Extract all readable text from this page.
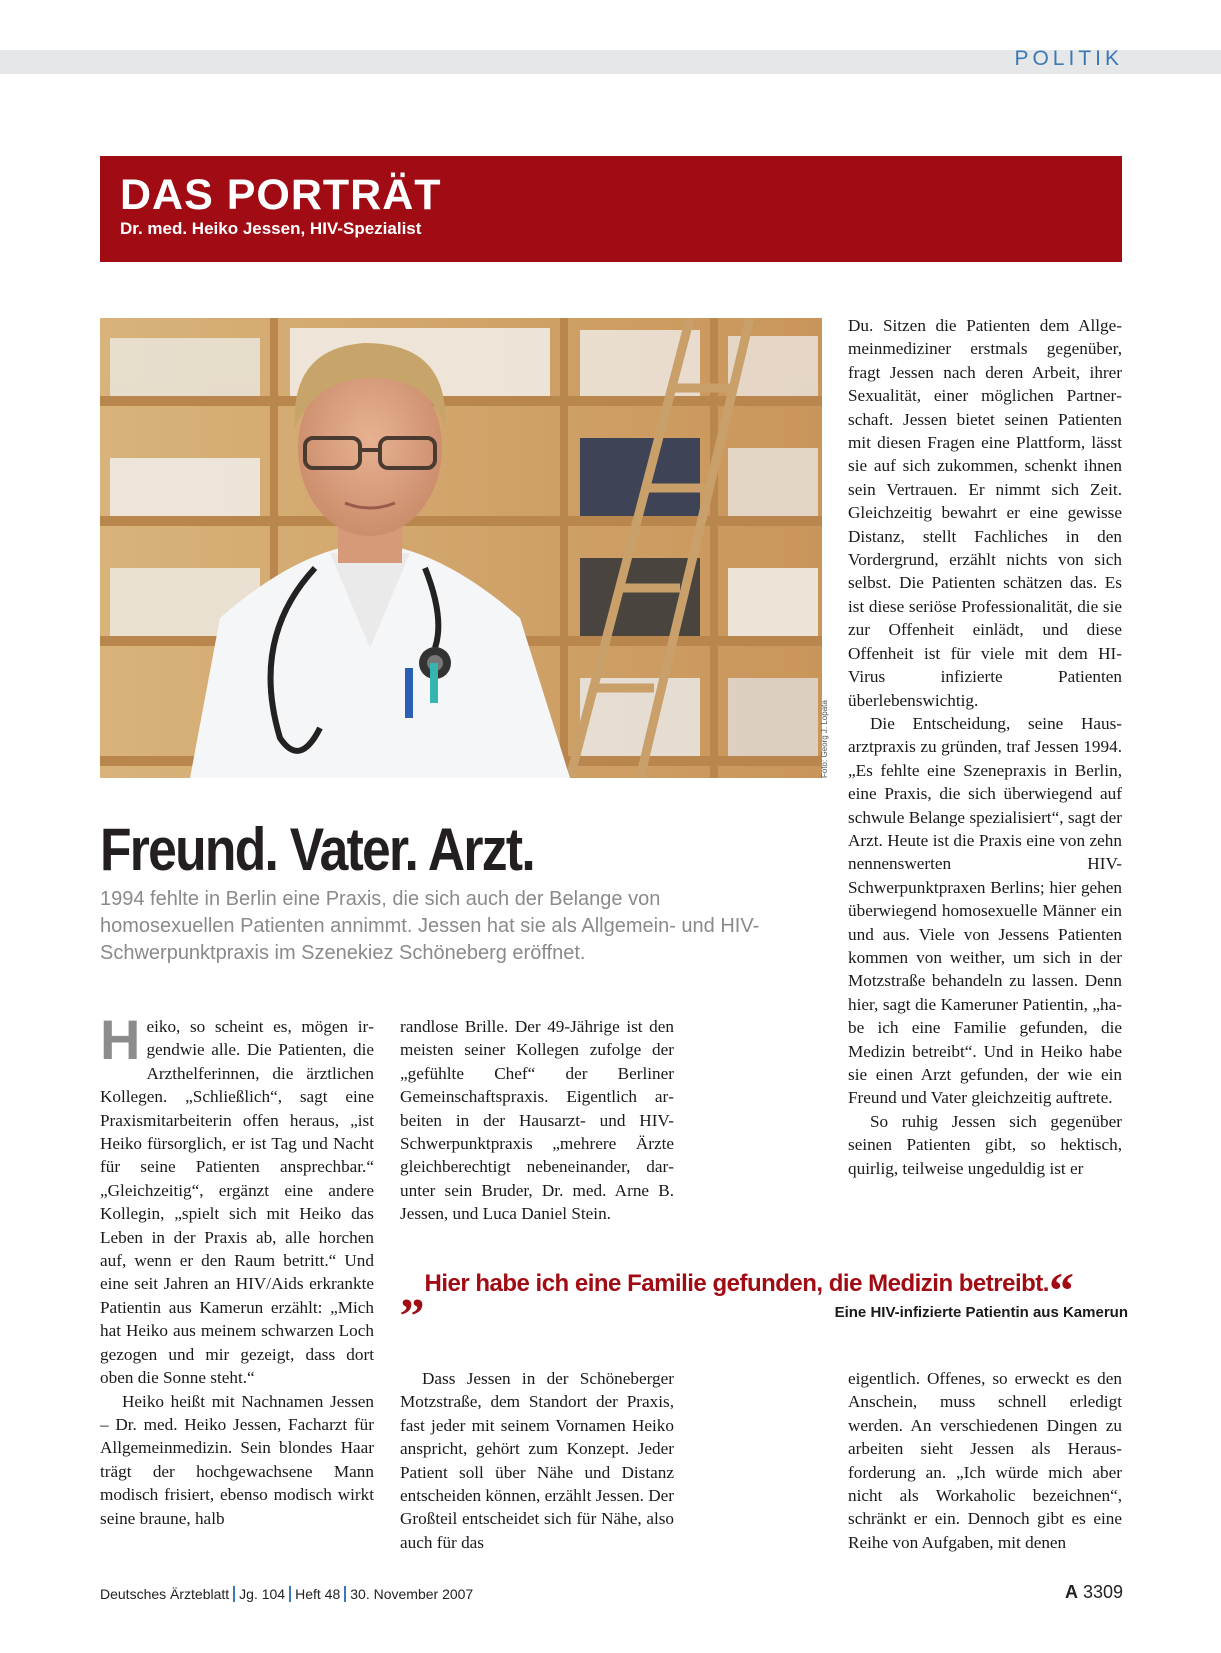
POLITIK
DAS PORTRÄT
Dr. med. Heiko Jessen, HIV-Spezialist
Foto: Georg J. Lopata
Freund. Vater. Arzt.

1994 fehlte in Berlin eine Praxis, die sich auch der Belange von homosexuellen Patienten annimmt. Jessen hat sie als Allgemein- und HIV-Schwerpunktpraxis im Szenekiez Schöneberg eröffnet.

Heiko, so scheint es, mögen irgendwie alle. Die Patienten, die Arzthelferinnen, die ärztlichen Kollegen. „Schließlich“, sagt eine Praxismitarbeiterin offen heraus, „ist Heiko fürsorglich, er ist Tag und Nacht für seine Patienten ansprechbar.“ „Gleichzeitig“, ergänzt eine andere Kollegin, „spielt sich mit Heiko das Leben in der Praxis ab, alle horchen auf, wenn er den Raum betritt.“ Und eine seit Jahren an HIV/Aids erkrankte Patientin aus Kamerun erzählt: „Mich hat Heiko aus meinem schwarzen Loch gezogen und mir gezeigt, dass dort oben die Sonne steht.“

Heiko heißt mit Nachnamen Jessen – Dr. med. Heiko Jessen, Facharzt für Allgemeinmedizin. Sein blondes Haar trägt der hochgewachsene Mann modisch frisiert, ebenso modisch wirkt seine braune, halb

randlose Brille. Der 49-Jährige ist den meisten seiner Kollegen zufolge der „gefühlte Chef“ der Berliner Gemeinschaftspraxis. Eigentlich arbeiten in der Hausarzt- und HIV-Schwerpunktpraxis „mehrere Ärzte gleichberechtigt nebeneinander, darunter sein Bruder, Dr. med. Arne B. Jessen, und Luca Daniel Stein.

Du. Sitzen die Patienten dem Allgemeinmediziner erstmals gegenüber, fragt Jessen nach deren Arbeit, ihrer Sexualität, einer möglichen Partnerschaft. Jessen bietet seinen Patienten mit diesen Fragen eine Plattform, lässt sie auf sich zukommen, schenkt ihnen sein Vertrauen. Er nimmt sich Zeit. Gleichzeitig bewahrt er eine gewisse Distanz, stellt Fachliches in den Vordergrund, erzählt nichts von sich selbst. Die Patienten schätzen das. Es ist diese seriöse Professionalität, die sie zur Offenheit einlädt, und diese Offenheit ist für viele mit dem HI-Virus infizierte Patienten überlebenswichtig.

Die Entscheidung, seine Hausarztpraxis zu gründen, traf Jessen 1994. „Es fehlte eine Szenepraxis in Berlin, eine Praxis, die sich überwiegend auf schwule Belange spezialisiert“, sagt der Arzt. Heute ist die Praxis eine von zehn nennenswerten HIV-Schwerpunktpraxen Berlins; hier gehen überwiegend homosexuelle Männer ein und aus. Viele von Jessens Patienten kommen von weither, um sich in der Motzstraße behandeln zu lassen. Denn hier, sagt die Kameruner Patientin, „habe ich eine Familie gefunden, die Medizin betreibt“. Und in Heiko habe sie einen Arzt gefunden, der wie ein Freund und Vater gleichzeitig auftrete.

So ruhig Jessen sich gegenüber seinen Patienten gibt, so hektisch, quirlig, teilweise ungeduldig ist er

„Hier habe ich eine Familie gefunden, die Medizin betreibt.“
Eine HIV-infizierte Patientin aus Kamerun

Dass Jessen in der Schöneberger Motzstraße, dem Standort der Praxis, fast jeder mit seinem Vornamen Heiko anspricht, gehört zum Konzept. Jeder Patient soll über Nähe und Distanz entscheiden können, erzählt Jessen. Der Großteil entscheidet sich für Nähe, also auch für das

eigentlich. Offenes, so erweckt es den Anschein, muss schnell erledigt werden. An verschiedenen Dingen zu arbeiten sieht Jessen als Herausforderung an. „Ich würde mich aber nicht als Workaholic bezeichnen“, schränkt er ein. Dennoch gibt es eine Reihe von Aufgaben, mit denen

Deutsches Ärzteblatt Jg. 104 Heft 48 30. November 2007	A 3309
